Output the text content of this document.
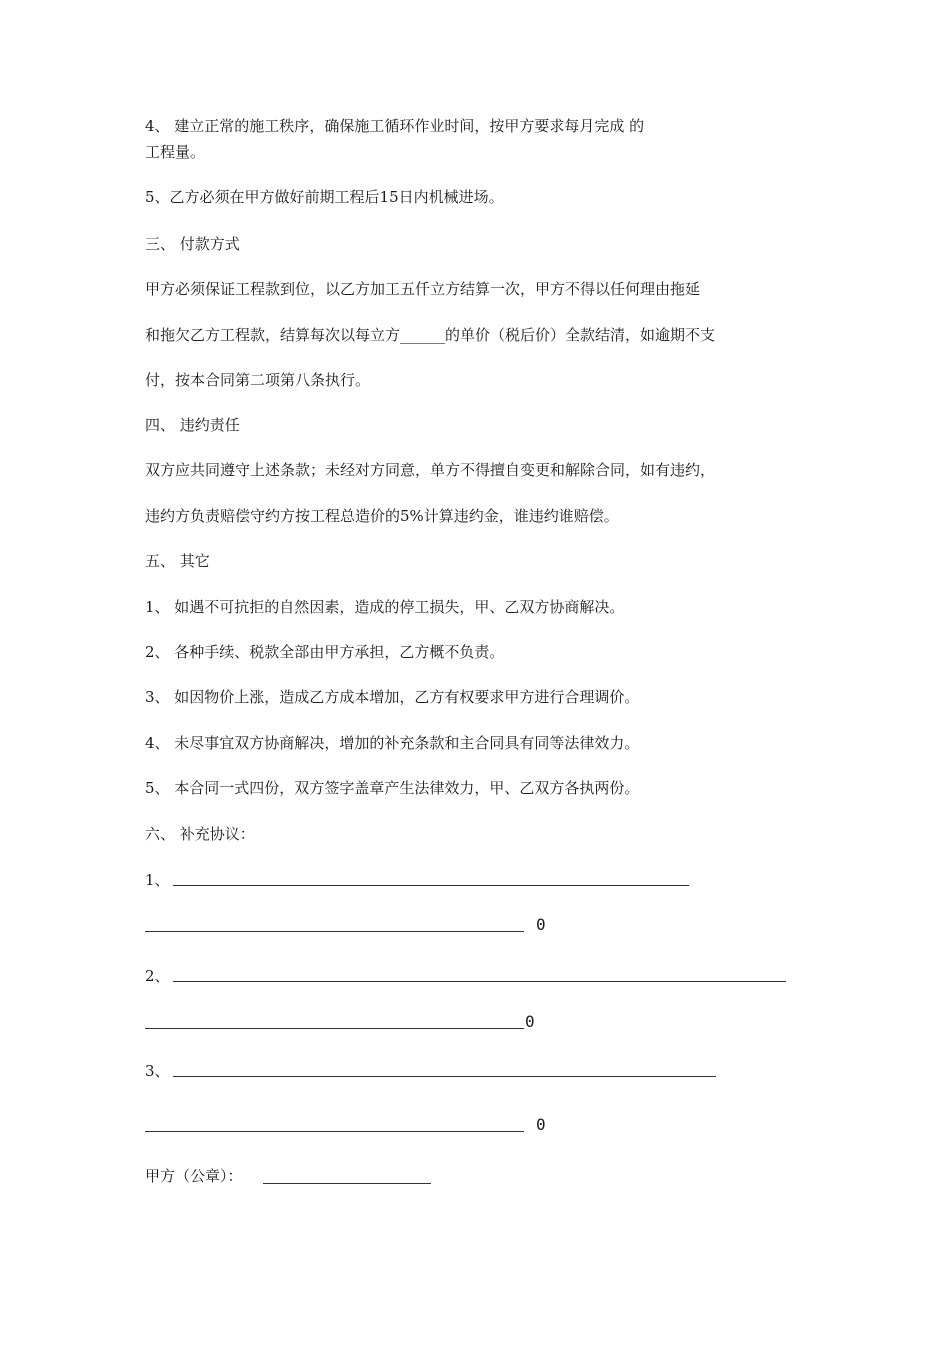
4、 建立正常的施工秩序，确保施工循环作业时间，按甲方要求每月完成 的
工程量。
5、乙方必须在甲方做好前期工程后15日内机械进场。
三、 付款方式
甲方必须保证工程款到位，以乙方加工五仟立方结算一次，甲方不得以任何理由拖延
和拖欠乙方工程款，结算每次以每立方______的单价（税后价）全款结清，如逾期不支
付，按本合同第二项第八条执行。
四、 违约责任
双方应共同遵守上述条款；未经对方同意，单方不得擅自变更和解除合同，如有违约，
违约方负责赔偿守约方按工程总造价的5%计算违约金，谁违约谁赔偿。
五、 其它
1、 如遇不可抗拒的自然因素，造成的停工损失，甲、乙双方协商解决。
2、 各种手续、税款全部由甲方承担，乙方概不负责。
3、 如因物价上涨，造成乙方成本增加，乙方有权要求甲方进行合理调价。
4、 未尽事宜双方协商解决，增加的补充条款和主合同具有同等法律效力。
5、 本合同一式四份，双方签字盖章产生法律效力，甲、乙双方各执两份。
六、 补充协议：
1、
0
2、
0
3、
0
甲方（公章）：
